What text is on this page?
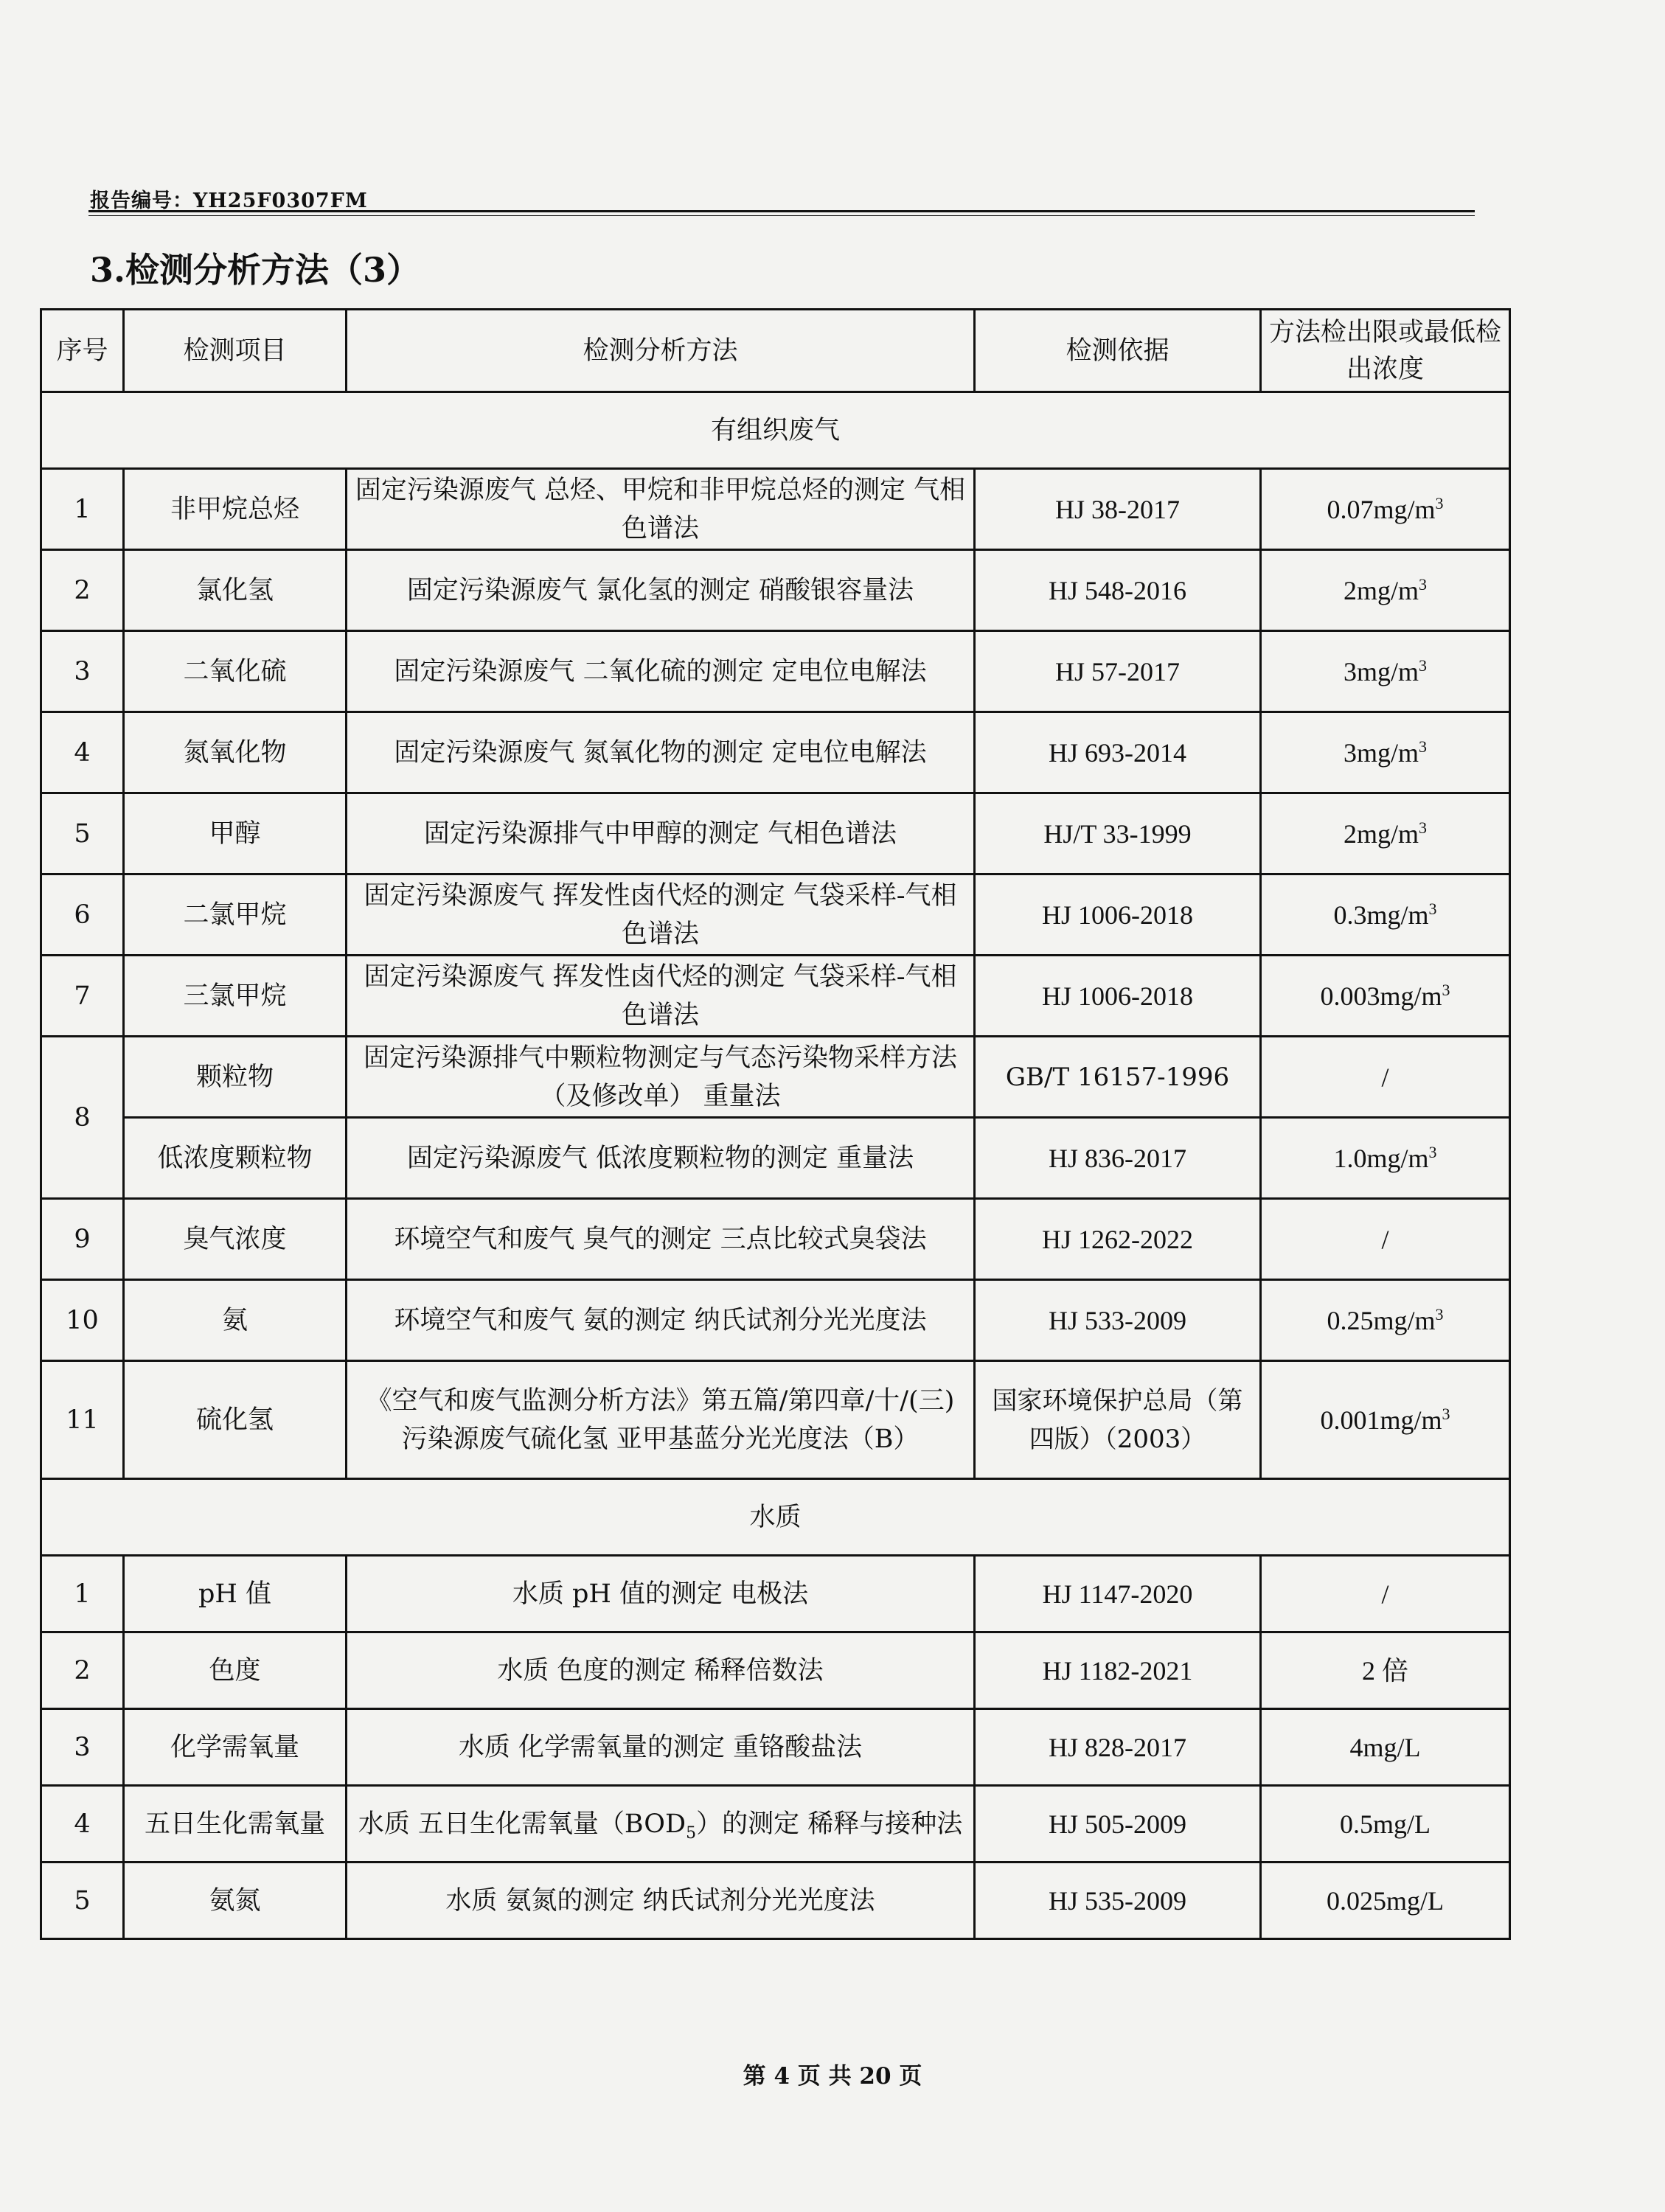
报告编号：YH25F0307FM
3.检测分析方法（3）
序号	检测项目	检测分析方法	检测依据	方法检出限或最低检出浓度
有组织废气				
1	非甲烷总烃	固定污染源废气 总烃、甲烷和非甲烷总烃的测定 气相色谱法	HJ 38-2017	$0.07mg/m^3$
2	氯化氢	固定污染源废气 氯化氢的测定 硝酸银容量法	HJ 548-2016	$2mg/m^3$
3	二氧化硫	固定污染源废气 二氧化硫的测定 定电位电解法	HJ 57-2017	$3mg/m^3$
4	氮氧化物	固定污染源废气 氮氧化物的测定 定电位电解法	HJ 693-2014	$3mg/m^3$
5	甲醇	固定污染源排气中甲醇的测定 气相色谱法	HJ/T 33-1999	$2mg/m^3$
6	二氯甲烷	固定污染源废气 挥发性卤代烃的测定 气袋采样-气相色谱法	HJ 1006-2018	$0.3mg/m^3$
7	三氯甲烷	固定污染源废气 挥发性卤代烃的测定 气袋采样-气相色谱法	HJ 1006-2018	$0.003mg/m^3$
8	颗粒物	固定污染源排气中颗粒物测定与气态污染物采样方法（及修改单） 重量法	GB/T 16157-1996	/
	低浓度颗粒物	固定污染源废气 低浓度颗粒物的测定 重量法	HJ 836-2017	$1.0mg/m^3$
9	臭气浓度	环境空气和废气 臭气的测定 三点比较式臭袋法	HJ 1262-2022	/
10	氨	环境空气和废气 氨的测定 纳氏试剂分光光度法	HJ 533-2009	$0.25mg/m^3$
11	硫化氢	《空气和废气监测分析方法》第五篇/第四章/十/(三) 污染源废气硫化氢 亚甲基蓝分光光度法（B）	国家环境保护总局（第四版）（2003）	$0.001mg/m^3$
水质				
1	pH 值	水质 pH 值的测定 电极法	HJ 1147-2020	/
2	色度	水质 色度的测定 稀释倍数法	HJ 1182-2021	2 倍
3	化学需氧量	水质 化学需氧量的测定 重铬酸盐法	HJ 828-2017	4mg/L
4	五日生化需氧量	水质 五日生化需氧量$(BOD_5)$的测定 稀释与接种法	HJ 505-2009	0.5mg/L
5	氨氮	水质 氨氮的测定 纳氏试剂分光光度法	HJ 535-2009	0.025mg/L
第 4 页 共 20 页
